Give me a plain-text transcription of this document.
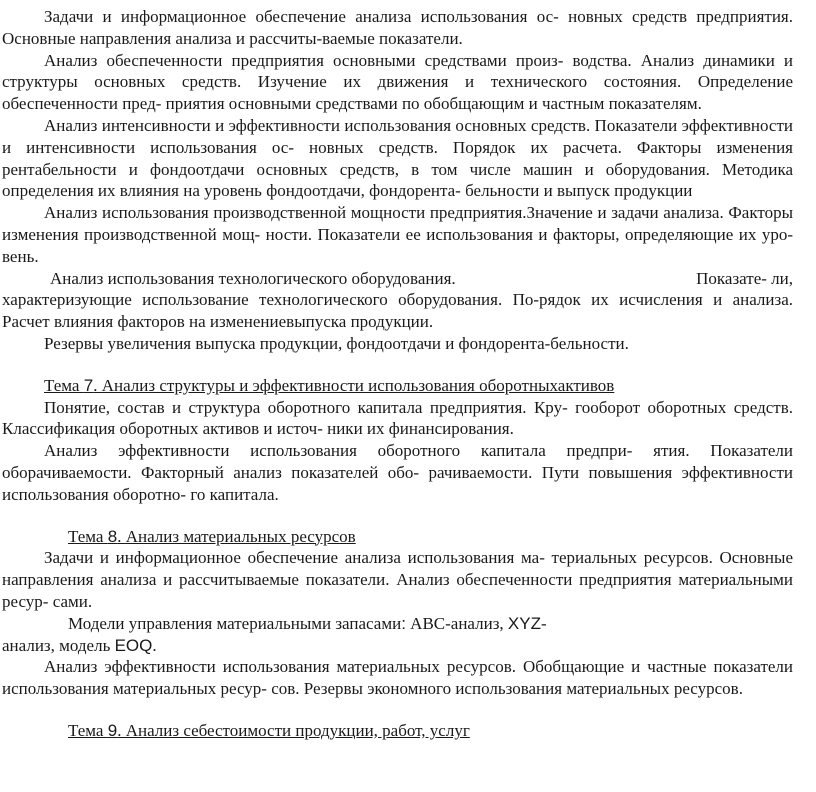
Задачи и информационное обеспечение анализа использования ос- новных средств предприятия. Основные направления анализа и рассчиты-ваемые показатели.

Анализ обеспеченности предприятия основными средствами произ- водства. Анализ динамики и структуры основных средств. Изучение их движения и технического состояния. Определение обеспеченности пред- приятия основными средствами по обобщающим и частным показателям.

Анализ интенсивности и эффективности использования основных средств. Показатели эффективности и интенсивности использования ос- новных средств. Порядок их расчета. Факторы изменения рентабельности и фондоотдачи основных средств, в том числе машин и оборудования. Методика определения их влияния на уровень фондоотдачи, фондорента- бельности и выпуск продукции

Анализ использования производственной мощности предприятия.Значение и задачи анализа. Факторы изменения производственной мощ- ности. Показатели ее использования и факторы, определяющие их уро- вень.

Анализ использования технологического оборудования.	Показате- ли,

характеризующие использование технологического оборудования. По-рядок их исчисления и анализа. Расчет влияния факторов на изменениевыпуска продукции.

Резервы увеличения выпуска продукции, фондоотдачи и фондорента-бельности.

Тема 7. Анализ структуры и эффективности использования оборотныхактивов

Понятие, состав и структура оборотного капитала предприятия. Кру- гооборот оборотных средств. Классификация оборотных активов и источ- ники их финансирования.

Анализ эффективности использования оборотного капитала предпри- ятия. Показатели оборачиваемости. Факторный анализ показателей обо- рачиваемости. Пути повышения эффективности использования оборотно- го капитала.

Тема 8. Анализ материальных ресурсов

Задачи и информационное обеспечение анализа использования ма- териальных ресурсов. Основные направления анализа и рассчитываемые показатели. Анализ обеспеченности предприятия материальными ресур- сами.

Модели управления материальными запасами: АВС-анализ, XYZ-
анализ, модель EOQ.

Анализ эффективности использования материальных ресурсов. Обобщающие и частные показатели использования материальных ресур- сов. Резервы экономного использования материальных ресурсов.

Тема 9. Анализ себестоимости продукции, работ, услуг
